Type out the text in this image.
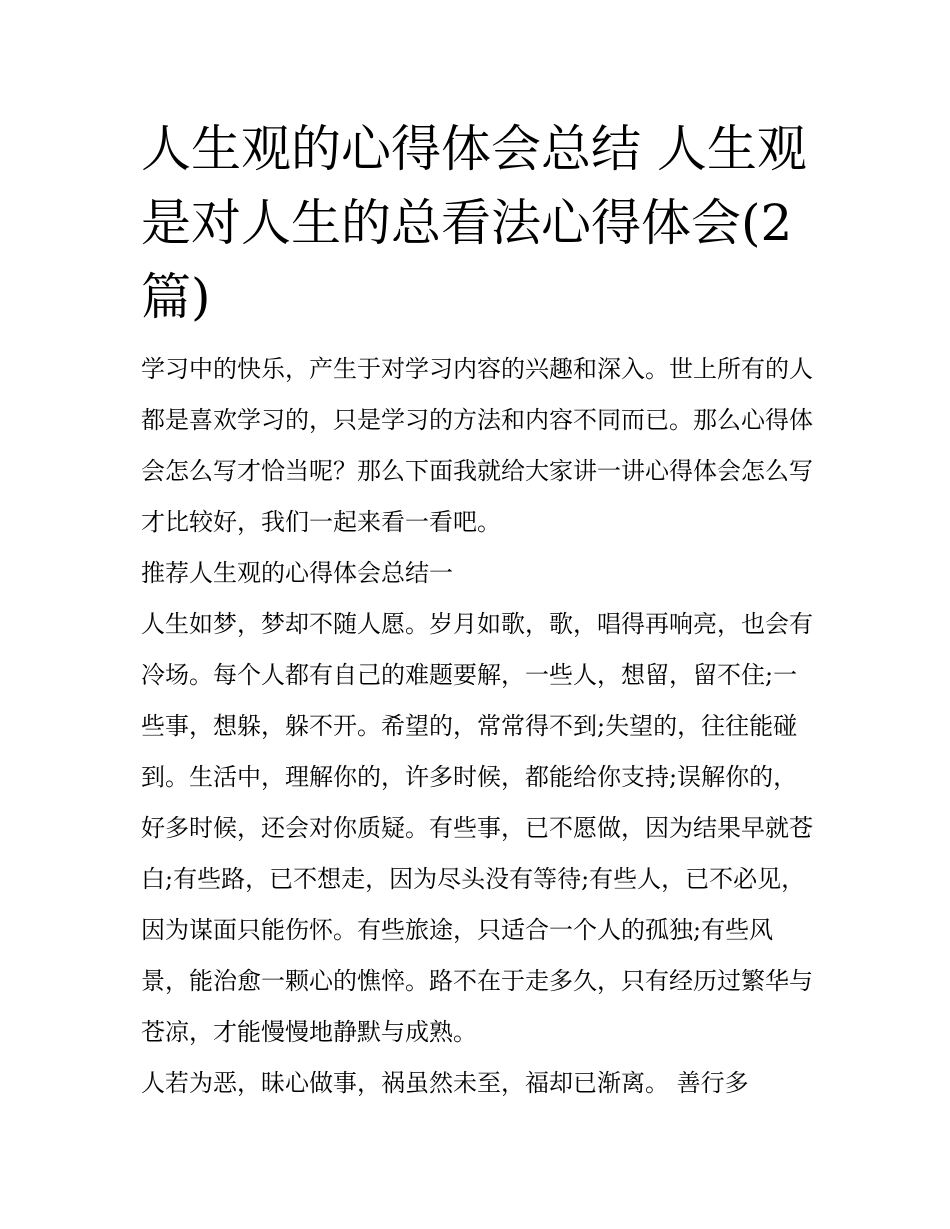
人生观的心得体会总结 人生观是对人生的总看法心得体会(2篇)

学习中的快乐，产生于对学习内容的兴趣和深入。世上所有的人都是喜欢学习的，只是学习的方法和内容不同而已。那么心得体会怎么写才恰当呢？那么下面我就给大家讲一讲心得体会怎么写才比较好，我们一起来看一看吧。

推荐人生观的心得体会总结一

人生如梦，梦却不随人愿。岁月如歌，歌，唱得再响亮，也会有冷场。每个人都有自己的难题要解，一些人，想留，留不住;一些事，想躲，躲不开。希望的，常常得不到;失望的，往往能碰到。生活中，理解你的，许多时候，都能给你支持;误解你的，好多时候，还会对你质疑。有些事，已不愿做，因为结果早就苍白;有些路，已不想走，因为尽头没有等待;有些人，已不必见，因为谋面只能伤怀。有些旅途，只适合一个人的孤独;有些风景，能治愈一颗心的憔悴。路不在于走多久，只有经历过繁华与苍凉，才能慢慢地静默与成熟。

人若为恶，昧心做事，祸虽然未至，福却已渐离。 善行多
